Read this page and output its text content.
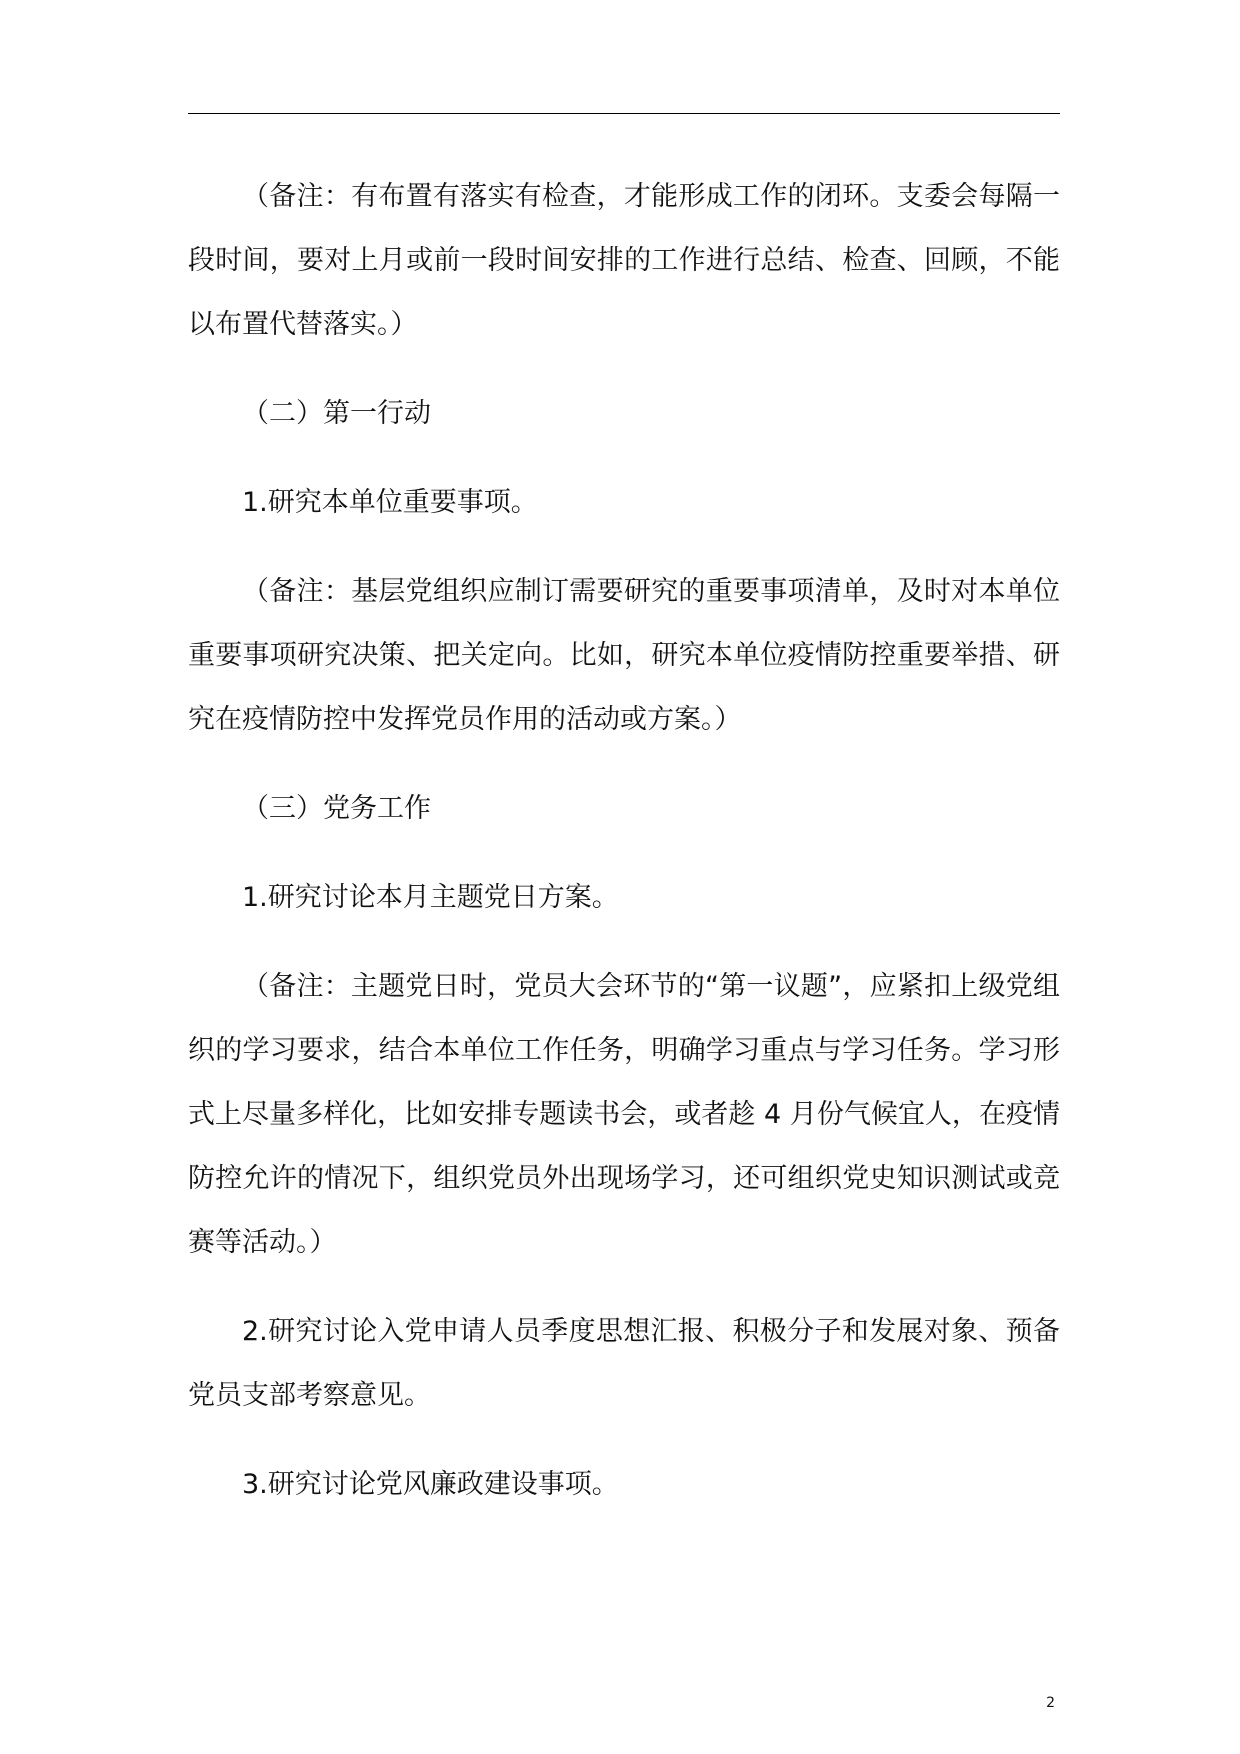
（备注：有布置有落实有检查，才能形成工作的闭环。支委会每隔一段时间，要对上月或前一段时间安排的工作进行总结、检查、回顾，不能以布置代替落实。）

（二）第一行动

1.研究本单位重要事项。

（备注：基层党组织应制订需要研究的重要事项清单，及时对本单位重要事项研究决策、把关定向。比如，研究本单位疫情防控重要举措、研究在疫情防控中发挥党员作用的活动或方案。）

（三）党务工作

1.研究讨论本月主题党日方案。

（备注：主题党日时，党员大会环节的“第一议题”，应紧扣上级党组织的学习要求，结合本单位工作任务，明确学习重点与学习任务。学习形式上尽量多样化，比如安排专题读书会，或者趁 4 月份气候宜人，在疫情防控允许的情况下，组织党员外出现场学习，还可组织党史知识测试或竞赛等活动。）

2.研究讨论入党申请人员季度思想汇报、积极分子和发展对象、预备党员支部考察意见。

3.研究讨论党风廉政建设事项。

2
